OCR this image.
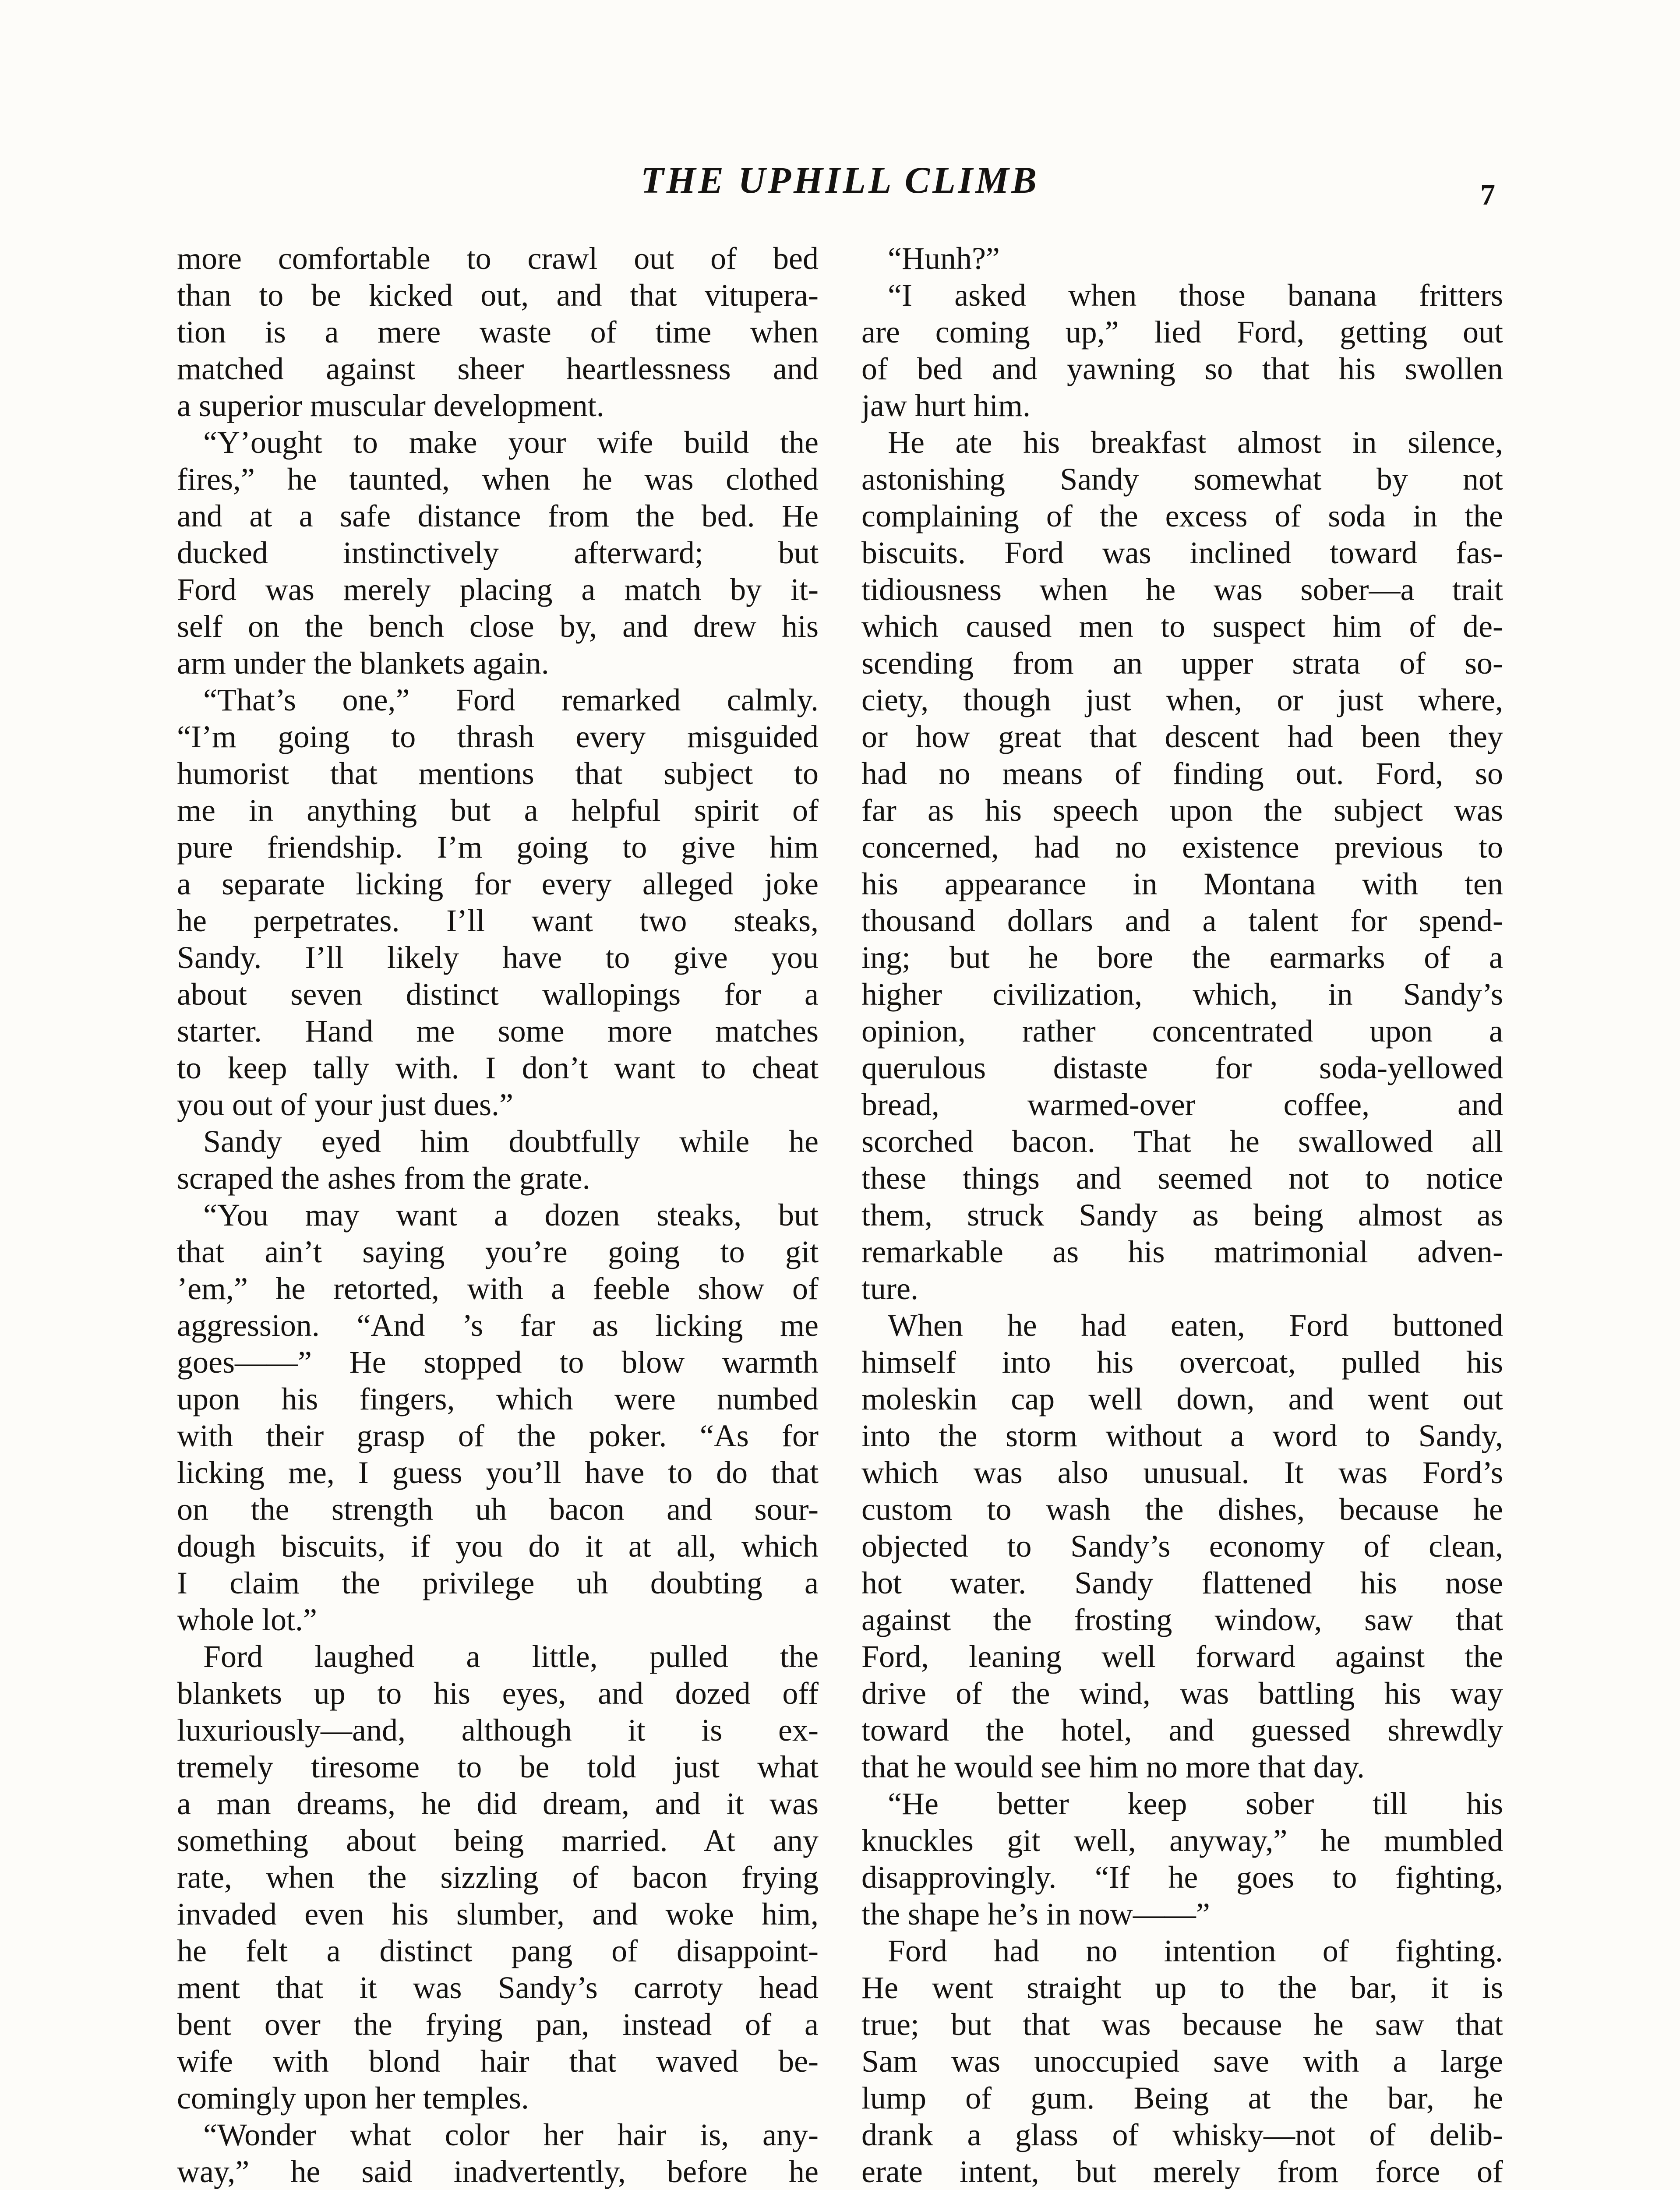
THE UPHILL CLIMB	7
more comfortable to crawl out of bed
than to be kicked out, and that vitupera-
tion is a mere waste of time when
matched against sheer heartlessness and
a superior muscular development.
“Y’ought to make your wife build the
fires,” he taunted, when he was clothed
and at a safe distance from the bed. He
ducked instinctively afterward; but
Ford was merely placing a match by it-
self on the bench close by, and drew his
arm under the blankets again.
“That’s one,” Ford remarked calmly.
“I’m going to thrash every misguided
humorist that mentions that subject to
me in anything but a helpful spirit of
pure friendship. I’m going to give him
a separate licking for every alleged joke
he perpetrates. I’ll want two steaks,
Sandy. I’ll likely have to give you
about seven distinct wallopings for a
starter. Hand me some more matches
to keep tally with. I don’t want to cheat
you out of your just dues.”
Sandy eyed him doubtfully while he
scraped the ashes from the grate.
“You may want a dozen steaks, but
that ain’t saying you’re going to git
’em,” he retorted, with a feeble show of
aggression. “And ’s far as licking me
goes——” He stopped to blow warmth
upon his fingers, which were numbed
with their grasp of the poker. “As for
licking me, I guess you’ll have to do that
on the strength uh bacon and sour-
dough biscuits, if you do it at all, which
I claim the privilege uh doubting a
whole lot.”
Ford laughed a little, pulled the
blankets up to his eyes, and dozed off
luxuriously—and, although it is ex-
tremely tiresome to be told just what
a man dreams, he did dream, and it was
something about being married. At any
rate, when the sizzling of bacon frying
invaded even his slumber, and woke him,
he felt a distinct pang of disappoint-
ment that it was Sandy’s carroty head
bent over the frying pan, instead of a
wife with blond hair that waved be-
comingly upon her temples.
“Wonder what color her hair is, any-
way,” he said inadvertently, before he
“Hunh?”
“I asked when those banana fritters
are coming up,” lied Ford, getting out
of bed and yawning so that his swollen
jaw hurt him.
He ate his breakfast almost in silence,
astonishing Sandy somewhat by not
complaining of the excess of soda in the
biscuits. Ford was inclined toward fas-
tidiousness when he was sober—a trait
which caused men to suspect him of de-
scending from an upper strata of so-
ciety, though just when, or just where,
or how great that descent had been they
had no means of finding out. Ford, so
far as his speech upon the subject was
concerned, had no existence previous to
his appearance in Montana with ten
thousand dollars and a talent for spend-
ing; but he bore the earmarks of a
higher civilization, which, in Sandy’s
opinion, rather concentrated upon a
querulous distaste for soda-yellowed
bread, warmed-over coffee, and
scorched bacon. That he swallowed all
these things and seemed not to notice
them, struck Sandy as being almost as
remarkable as his matrimonial adven-
ture.
When he had eaten, Ford buttoned
himself into his overcoat, pulled his
moleskin cap well down, and went out
into the storm without a word to Sandy,
which was also unusual. It was Ford’s
custom to wash the dishes, because he
objected to Sandy’s economy of clean,
hot water. Sandy flattened his nose
against the frosting window, saw that
Ford, leaning well forward against the
drive of the wind, was battling his way
toward the hotel, and guessed shrewdly
that he would see him no more that day.
“He better keep sober till his
knuckles git well, anyway,” he mumbled
disapprovingly. “If he goes to fighting,
the shape he’s in now——”
Ford had no intention of fighting.
He went straight up to the bar, it is
true; but that was because he saw that
Sam was unoccupied save with a large
lump of gum. Being at the bar, he
drank a glass of whisky—not of delib-
erate intent, but merely from force of
